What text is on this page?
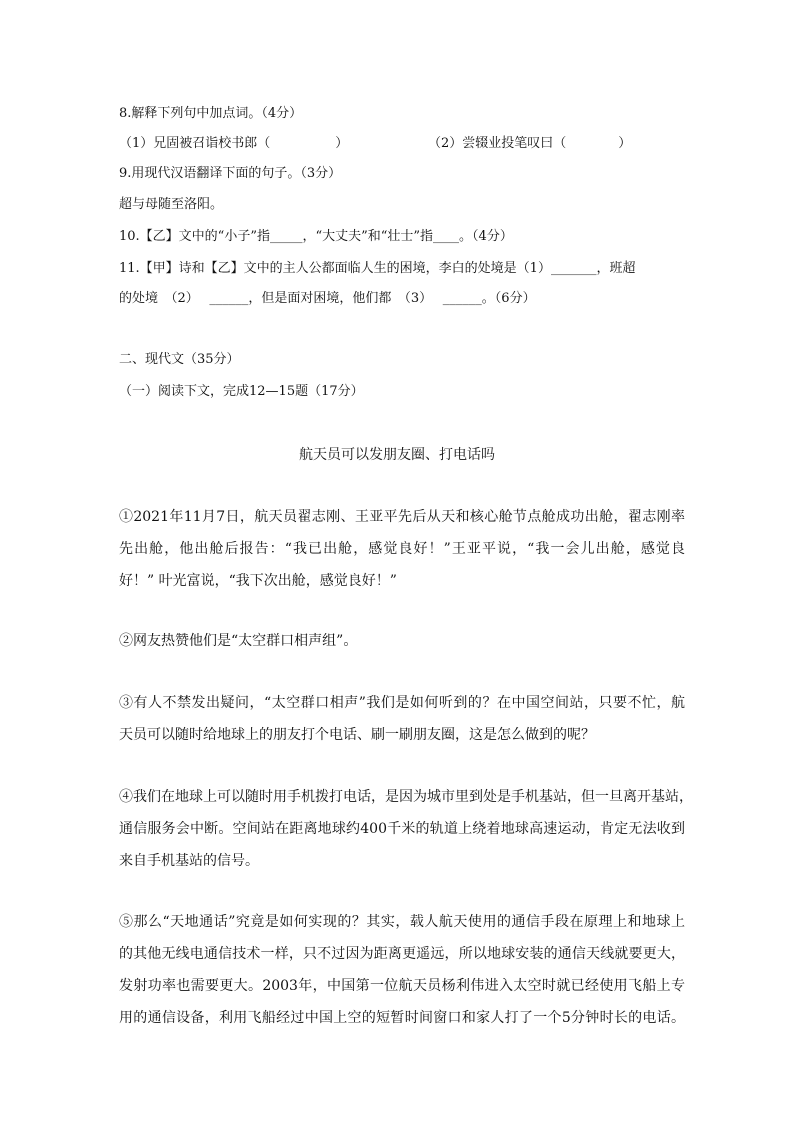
8.解释下列句中加点词。（4分）
（1）兄固被召诣校书郎（　　　　　）	（2）尝辍业投笔叹曰（　　　　）
9.用现代汉语翻译下面的句子。（3分）
超与母随至洛阳。
10.【乙】文中的“小子”指_____，“大丈夫”和“壮士”指____。（4分）
11.【甲】诗和【乙】文中的主人公都面临人生的困境，李白的处境是（1）_______，班超
的处境　（2）　 ______，但是面对困境，他们都　（3）　 ______。（6分）
二、现代文（35分）
（一）阅读下文，完成12—15题（17分）
航天员可以发朋友圈、打电话吗
①2021年11月7日，航天员翟志刚、王亚平先后从天和核心舱节点舱成功出舱，翟志刚率
先出舱，他出舱后报告：“我已出舱，感觉良好！”王亚平说，“我一会儿出舱，感觉良
好！” 叶光富说，“我下次出舱，感觉良好！”
②网友热赞他们是“太空群口相声组”。
③有人不禁发出疑问，“太空群口相声”我们是如何听到的？在中国空间站，只要不忙，航
天员可以随时给地球上的朋友打个电话、刷一刷朋友圈，这是怎么做到的呢？
④我们在地球上可以随时用手机拨打电话，是因为城市里到处是手机基站，但一旦离开基站，
通信服务会中断。空间站在距离地球约400千米的轨道上绕着地球高速运动，肯定无法收到
来自手机基站的信号。
⑤那么“天地通话”究竟是如何实现的？其实，载人航天使用的通信手段在原理上和地球上
的其他无线电通信技术一样，只不过因为距离更遥远，所以地球安装的通信天线就要更大，
发射功率也需要更大。2003年，中国第一位航天员杨利伟进入太空时就已经使用飞船上专
用的通信设备，利用飞船经过中国上空的短暂时间窗口和家人打了一个5分钟时长的电话。
